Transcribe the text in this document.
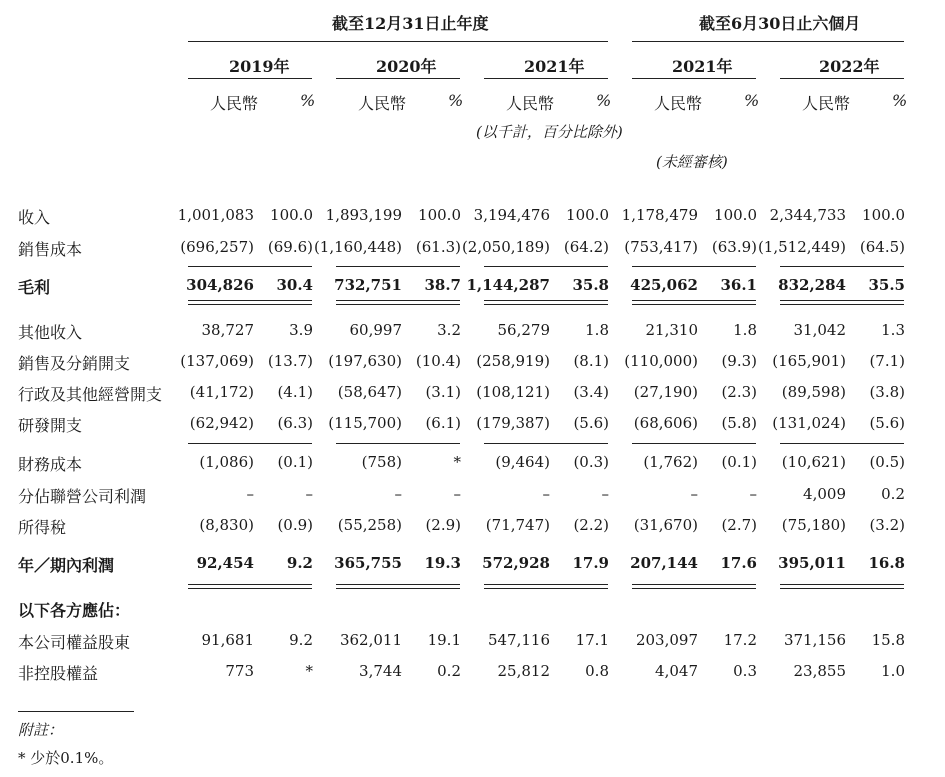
截至12月31日止年度	截至6月30日止六個月
2019年	2020年	2021年	2021年	2022年
人民幣	%	人民幣	%	人民幣	%	人民幣	%	人民幣	%
(以千計，百分比除外)
(未經審核)
收入	1,001,083 100.0 1,893,199 100.0 3,194,476 100.0 1,178,479 100.0 2,344,733 100.0
銷售成本	(696,257) (69.6) (1,160,448) (61.3) (2,050,189) (64.2) (753,417) (63.9) (1,512,449) (64.5)
毛利	304,826 30.4 732,751 38.7 1,144,287 35.8 425,062 36.1 832,284 35.5
其他收入	38,727 3.9 60,997 3.2 56,279 1.8 21,310 1.8 31,042 1.3
銷售及分銷開支	(137,069) (13.7) (197,630) (10.4) (258,919) (8.1) (110,000) (9.3) (165,901) (7.1)
行政及其他經營開支 (41,172) (4.1) (58,647) (3.1) (108,121) (3.4) (27,190) (2.3) (89,598) (3.8)
研發開支	(62,942) (6.3) (115,700) (6.1) (179,387) (5.6) (68,606) (5.8) (131,024) (5.6)
財務成本	(1,086) (0.1)	(758)	* (9,464) (0.3) (1,762) (0.1) (10,621) (0.5)
分佔聯營公司利潤	–	–	–	–	–	–	–	–	4,009 0.2
所得稅	(8,830) (0.9) (55,258) (2.9) (71,747) (2.2) (31,670) (2.7) (75,180) (3.2)
年／期內利潤	92,454 9.2 365,755 19.3 572,928 17.9 207,144 17.6 395,011 16.8
以下各方應佔：
本公司權益股東	91,681 9.2 362,011 19.1 547,116 17.1 203,097 17.2 371,156 15.8
非控股權益	773	*	3,744 0.2 25,812 0.8	4,047 0.3 23,855 1.0
附註：
* 少於0.1%。
